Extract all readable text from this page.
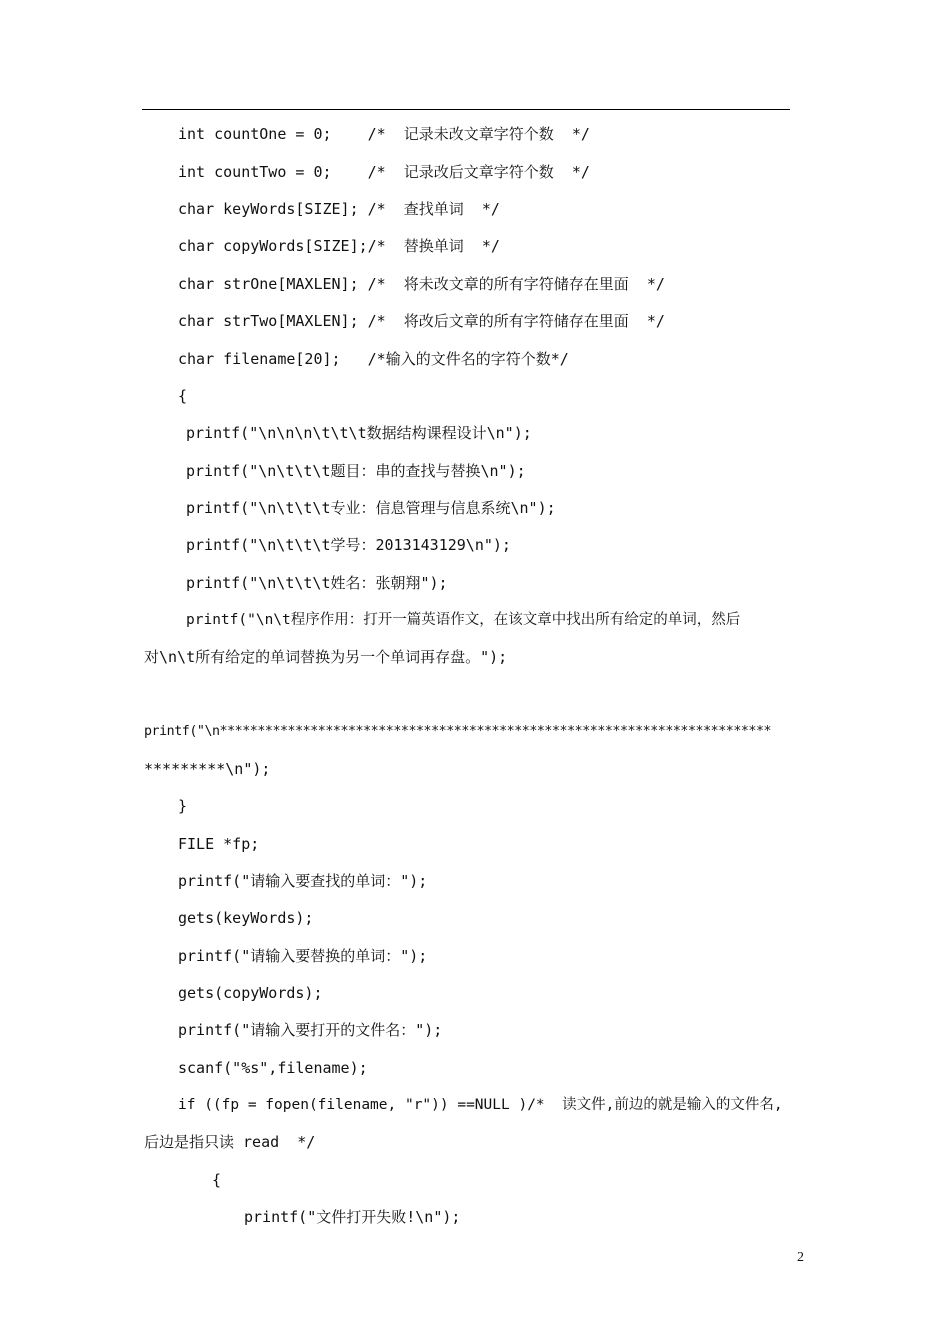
int countOne = 0;    /*  记录未改文章字符个数  */
int countTwo = 0;    /*  记录改后文章字符个数  */
char keyWords[SIZE]; /*  查找单词  */
char copyWords[SIZE];/*  替换单词  */
char strOne[MAXLEN]; /*  将未改文章的所有字符储存在里面  */
char strTwo[MAXLEN]; /*  将改后文章的所有字符储存在里面  */
char filename[20];   /*输入的文件名的字符个数*/
{
printf("\n\n\n\t\t\t数据结构课程设计\n");
printf("\n\t\t\t题目：串的查找与替换\n");
printf("\n\t\t\t专业：信息管理与信息系统\n");
printf("\n\t\t\t学号：2013143129\n");
printf("\n\t\t\t姓名：张朝翔");
printf("\n\t程序作用：打开一篇英语作文，在该文章中找出所有给定的单词，然后
对\n\t所有给定的单词替换为另一个单词再存盘。");
printf("\n*************************************************************************
*********\n");
}
FILE *fp;
printf("请输入要查找的单词：");
gets(keyWords);
printf("请输入要替换的单词：");
gets(copyWords);
printf("请输入要打开的文件名：");
scanf("%s",filename);
if ((fp = fopen(filename, "r")) ==NULL )/*  读文件,前边的就是输入的文件名,
后边是指只读 read  */
{
printf("文件打开失败!\n");
2
